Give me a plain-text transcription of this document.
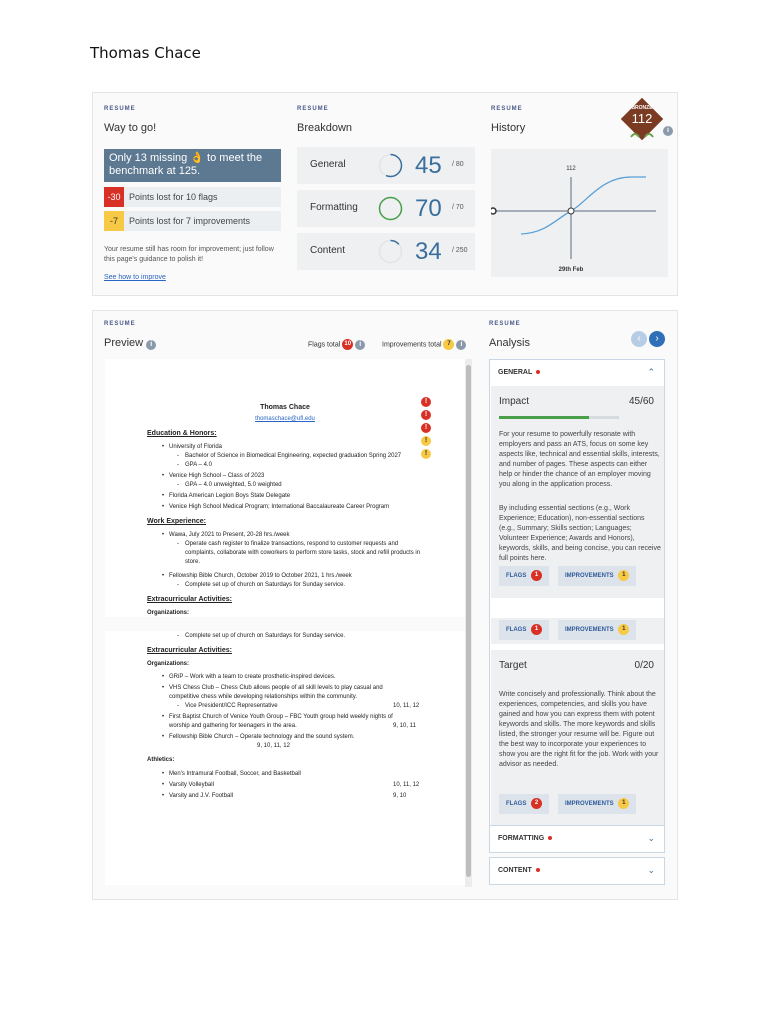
Thomas Chace
RESUME
Way to go!
Only 13 missing 👌 to meet the benchmark at 125.
-30 Points lost for 10 flags
-7	Points lost for 7 improvements
Your resume still has room for improvement; just follow this page's guidance to polish it!
See how to improve
RESUME
Breakdown
General	45 / 80
Formatting 70 / 70
Content	34 / 250
RESUME
History
BRONZE
112
i
112
29th Feb
RESUME
Preview i	Flags total 10 i	Improvements total 7 i
Thomas Chace
thomaschace@ufl.edu
!
!
!
!
!
Education & Honors:
• University of Florida
- Bachelor of Science in Biomedical Engineering, expected graduation Spring 2027
- GPA – 4.0
• Venice High School – Class of 2023
- GPA – 4.0 unweighted, 5.0 weighted
• Florida American Legion Boys State Delegate
• Venice High School Medical Program; International Baccalaureate Career Program
Work Experience:
• Wawa, July 2021 to Present, 20-28 hrs./week
- Operate cash register to finalize transactions, respond to customer requests and complaints, collaborate with coworkers to perform store tasks, stock and refill products in store.
• Fellowship Bible Church, October 2019 to October 2021, 1 hrs./week
- Complete set up of church on Saturdays for Sunday service.
Extracurricular Activities:
Organizations:
- Complete set up of church on Saturdays for Sunday service.
Extracurricular Activities:
Organizations:
• GRiP – Work with a team to create prosthetic-inspired devices.
• VHS Chess Club – Chess Club allows people of all skill levels to play casual and competitive chess while developing relationships within the community.
- Vice President/ICC Representative	10, 11, 12
• First Baptist Church of Venice Youth Group – FBC Youth group held weekly nights of worship and gathering for teenagers in the area.	9, 10, 11
• Fellowship Bible Church – Operate technology and the sound system.
9, 10, 11, 12
Athletics:
• Men's Intramural Football, Soccer, and Basketball
• Varsity Volleyball	10, 11, 12
• Varsity and J.V. Football	9, 10
RESUME
Analysis	‹	›
GENERAL	⌃
Impact	45/60
For your resume to powerfully resonate with employers and pass an ATS, focus on some key aspects like, technical and essential skills, interests, and number of pages. These aspects can either help or hinder the chance of an employer moving you along in the application process.
By including essential sections (e.g., Work Experience; Education), non-essential sections (e.g., Summary; Skills section; Languages; Volunteer Experience; Awards and Honors), keywords, skills, and being concise, you can receive full points here.
FLAGS 1	IMPROVEMENTS 1
FLAGS 1	IMPROVEMENTS 1
Target	0/20
Write concisely and professionally. Think about the experiences, competencies, and skills you have gained and how you can express them with potent keywords and skills. The more keywords and skills listed, the stronger your resume will be. Figure out the best way to incorporate your experiences to show you are the right fit for the job. Work with your advisor as needed.
FLAGS 2	IMPROVEMENTS 1
FORMATTING	⌄
CONTENT	⌄
